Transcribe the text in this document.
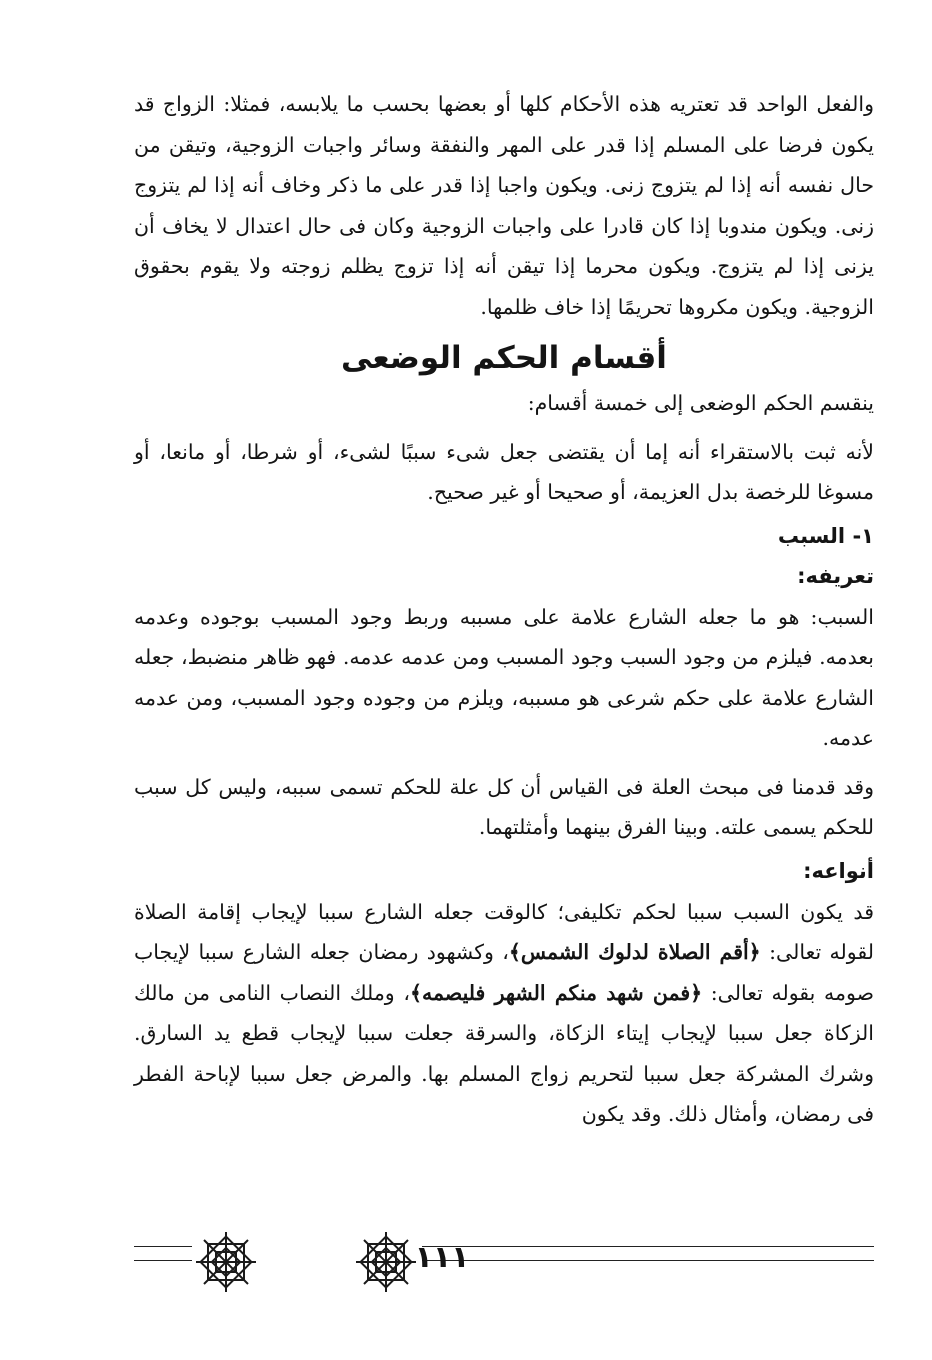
والفعل الواحد قد تعتريه هذه الأحكام كلها أو بعضها بحسب ما يلابسه، فمثلا: الزواج قد يكون فرضا على المسلم إذا قدر على المهر والنفقة وسائر واجبات الزوجية، وتيقن من حال نفسه أنه إذا لم يتزوج زنى. ويكون واجبا إذا قدر على ما ذكر وخاف أنه إذا لم يتزوج زنى. ويكون مندوبا إذا كان قادرا على واجبات الزوجية وكان فى حال اعتدال لا يخاف أن يزنى إذا لم يتزوج. ويكون محرما إذا تيقن أنه إذا تزوج يظلم زوجته ولا يقوم بحقوق الزوجية. ويكون مكروها تحريمًا إذا خاف ظلمها.

أقسام الحكم الوضعى

ينقسم الحكم الوضعى إلى خمسة أقسام:

لأنه ثبت بالاستقراء أنه إما أن يقتضى جعل شىء سببًا لشىء، أو شرطا، أو مانعا، أو مسوغا للرخصة بدل العزيمة، أو صحيحا أو غير صحيح.

١- السبب
تعريفه:

السبب: هو ما جعله الشارع علامة على مسببه وربط وجود المسبب بوجوده وعدمه بعدمه. فيلزم من وجود السبب وجود المسبب ومن عدمه عدمه. فهو ظاهر منضبط، جعله الشارع علامة على حكم شرعى هو مسببه، ويلزم من وجوده وجود المسبب، ومن عدمه عدمه.

وقد قدمنا فى مبحث العلة فى القياس أن كل علة للحكم تسمى سببه، وليس كل سبب للحكم يسمى علته. وبينا الفرق بينهما وأمثلتهما.

أنواعه:

قد يكون السبب سببا لحكم تكليفى؛ كالوقت جعله الشارع سببا لإيجاب إقامة الصلاة لقوله تعالى: ﴿أقم الصلاة لدلوك الشمس﴾، وكشهود رمضان جعله الشارع سببا لإيجاب صومه بقوله تعالى: ﴿فمن شهد منكم الشهر فليصمه﴾، وملك النصاب النامى من مالك الزكاة جعل سببا لإيجاب إيتاء الزكاة، والسرقة جعلت سببا لإيجاب قطع يد السارق. وشرك المشركة جعل سببا لتحريم زواج المسلم بها. والمرض جعل سببا لإباحة الفطر فى رمضان، وأمثال ذلك. وقد يكون

١١١
